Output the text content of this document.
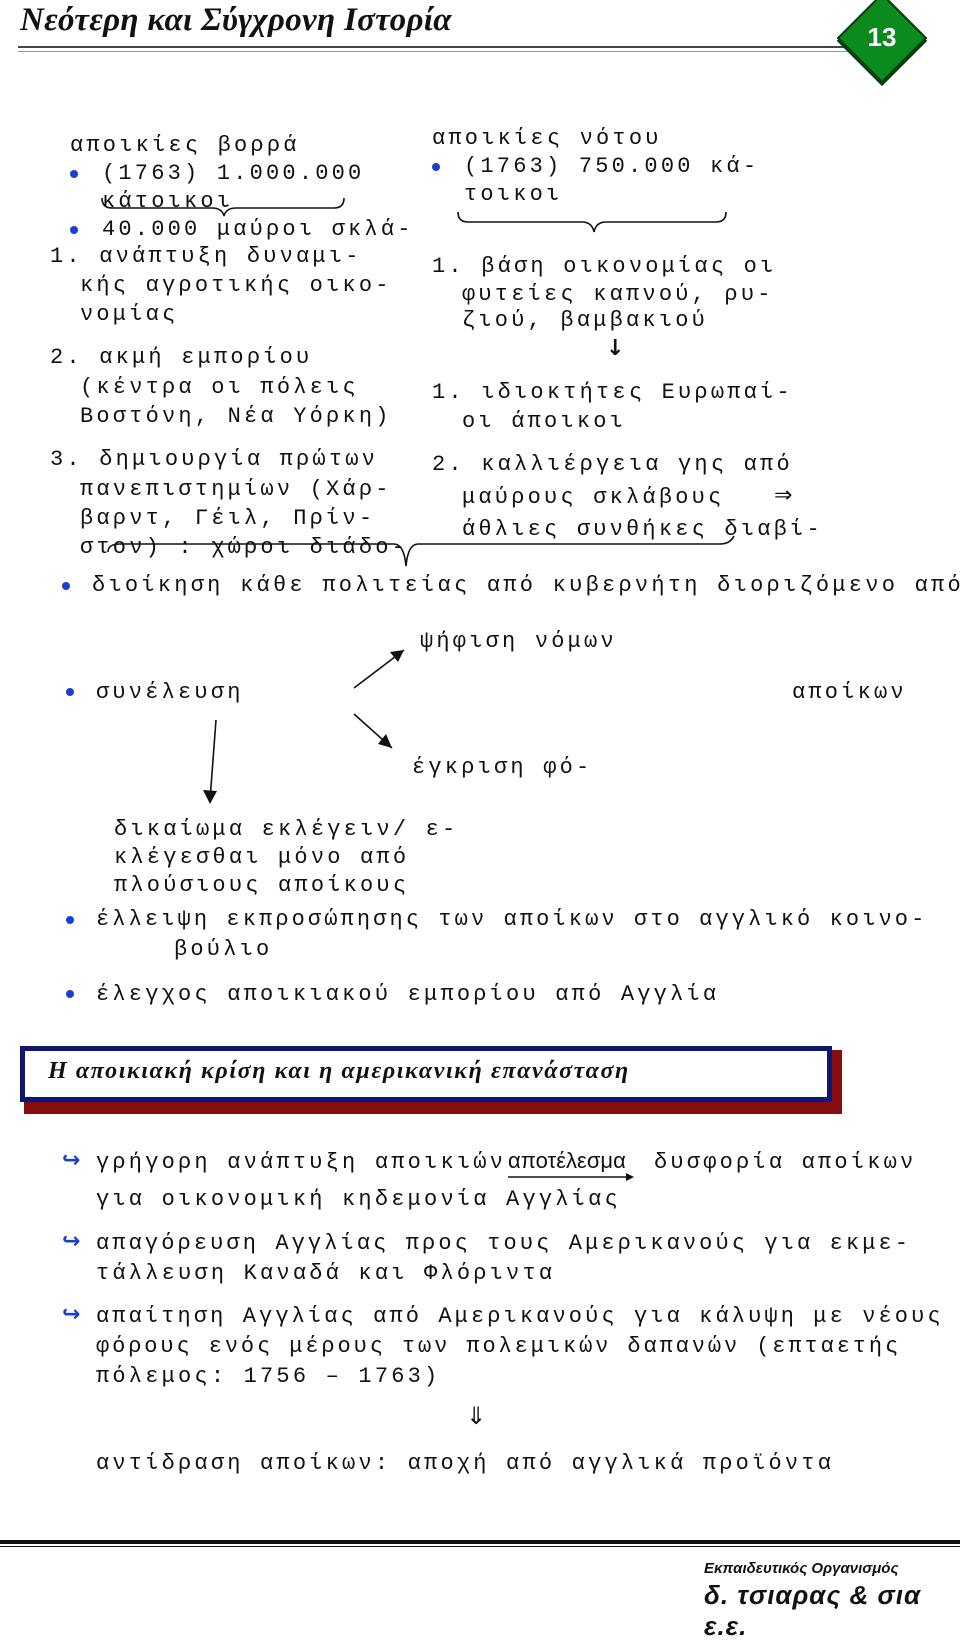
Νεότερη και Σύγχρονη Ιστορία	13
αποικίες βορρά
(1763) 1.000.000
κάτοικοι
40.000 μαύροι σκλά-
1. ανάπτυξη δυναμι-
κής αγροτικής οικο-
νομίας
2. ακμή εμπορίου
(κέντρα οι πόλεις
Βοστόνη, Νέα Υόρκη)
3. δημιουργία πρώτων
πανεπιστημίων (Χάρ-
βαρντ, Γέιλ, Πρίν-
στον) : χώροι διάδο-
αποικίες νότου
(1763) 750.000 κά-
τοικοι
1. βάση οικονομίας οι
φυτείες καπνού, ρυ-
ζιού, βαμβακιού
↓
1. ιδιοκτήτες Ευρωπαί-
οι άποικοι
2. καλλιέργεια γης από
μαύρους σκλάβους ⇒
άθλιες συνθήκες διαβί-
διοίκηση κάθε πολιτείας από κυβερνήτη διοριζόμενο από
ψήφιση νόμων
συνέλευση	αποίκων
έγκριση φό-
δικαίωμα εκλέγειν/ ε-
κλέγεσθαι μόνο από
πλούσιους αποίκους
έλλειψη εκπροσώπησης των αποίκων στο αγγλικό κοινο-
βούλιο
έλεγχος αποικιακού εμπορίου από Αγγλία
Η αποικιακή κρίση και η αμερικανική επανάσταση
↪ γρήγορη ανάπτυξη αποικιών αποτέλεσμα δυσφορία αποίκων
για οικονομική κηδεμονία Αγγλίας
↪ απαγόρευση Αγγλίας προς τους Αμερικανούς για εκμε-
τάλλευση Καναδά και Φλόριντα
↪ απαίτηση Αγγλίας από Αμερικανούς για κάλυψη με νέους
φόρους ενός μέρους των πολεμικών δαπανών (επταετής
πόλεμος: 1756 – 1763)
⇓
αντίδραση αποίκων: αποχή από αγγλικά προϊόντα
Εκπαιδευτικός Οργανισμός
δ. τσιαρας & σια ε.ε.
